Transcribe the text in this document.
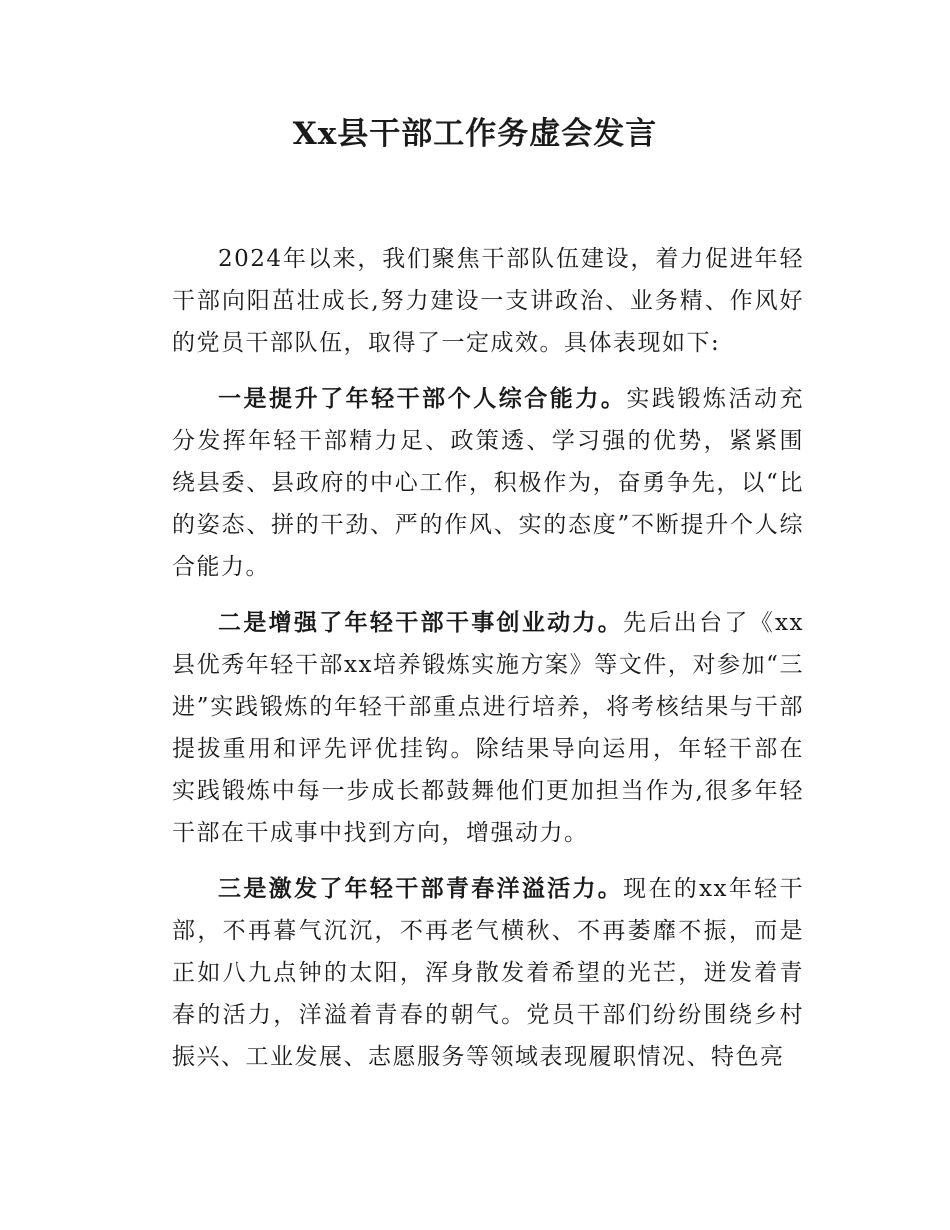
Xx县干部工作务虚会发言

2024年以来，我们聚焦干部队伍建设，着力促进年轻干部向阳茁壮成长,努力建设一支讲政治、业务精、作风好的党员干部队伍，取得了一定成效。具体表现如下:

一是提升了年轻干部个人综合能力。实践锻炼活动充分发挥年轻干部精力足、政策透、学习强的优势，紧紧围绕县委、县政府的中心工作，积极作为，奋勇争先，以“比的姿态、拼的干劲、严的作风、实的态度”不断提升个人综合能力。

二是增强了年轻干部干事创业动力。先后出台了《xx县优秀年轻干部xx培养锻炼实施方案》等文件，对参加“三进”实践锻炼的年轻干部重点进行培养，将考核结果与干部提拔重用和评先评优挂钩。除结果导向运用，年轻干部在实践锻炼中每一步成长都鼓舞他们更加担当作为,很多年轻干部在干成事中找到方向，增强动力。

三是激发了年轻干部青春洋溢活力。现在的xx年轻干部，不再暮气沉沉，不再老气横秋、不再萎靡不振，而是正如八九点钟的太阳，浑身散发着希望的光芒，迸发着青春的活力，洋溢着青春的朝气。党员干部们纷纷围绕乡村振兴、工业发展、志愿服务等领域表现履职情况、特色亮
